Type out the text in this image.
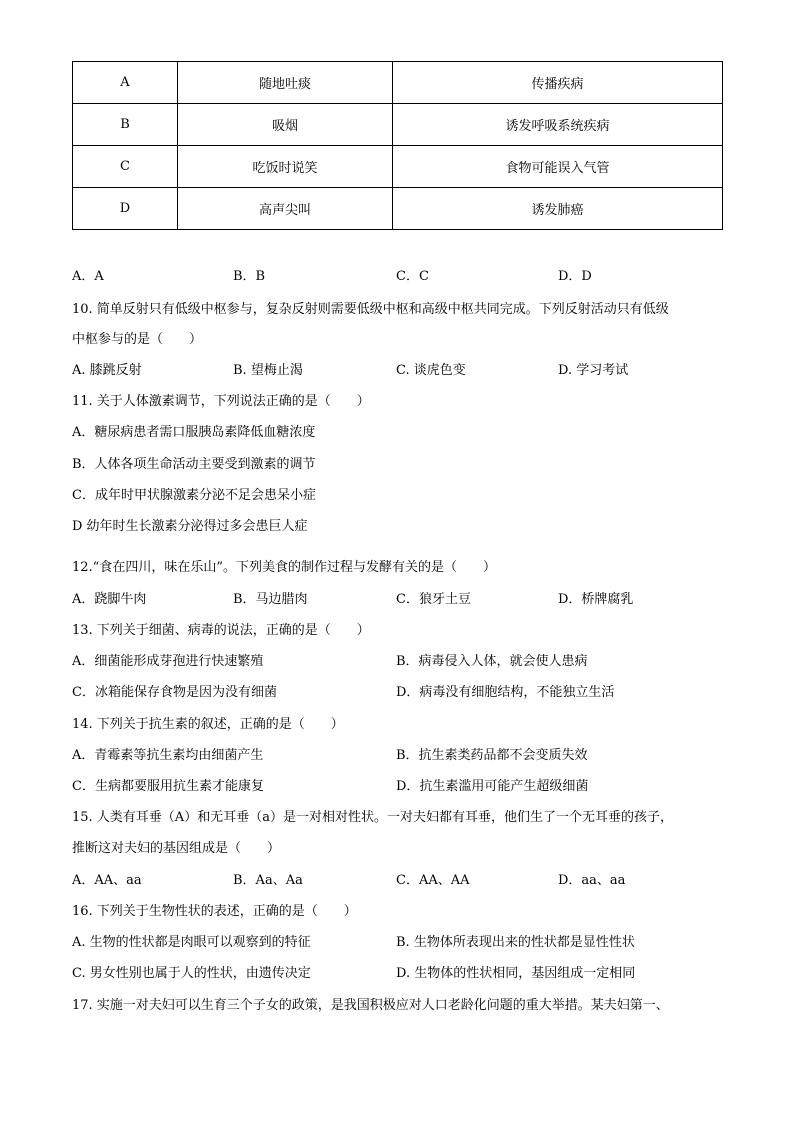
A	随地吐痰	传播疾病
B	吸烟	诱发呼吸系统疾病
C	吃饭时说笑	食物可能误入气管
D	高声尖叫	诱发肺癌
A．A	B．B	C．C	D．D
10. 简单反射只有低级中枢参与，复杂反射则需要低级中枢和高级中枢共同完成。下列反射活动只有低级
中枢参与的是（　　）
A. 膝跳反射	B. 望梅止渴	C. 谈虎色变	D. 学习考试
11. 关于人体激素调节，下列说法正确的是（　　）
A．糖尿病患者需口服胰岛素降低血糖浓度
B．人体各项生命活动主要受到激素的调节
C．成年时甲状腺激素分泌不足会患呆小症
D 幼年时生长激素分泌得过多会患巨人症
12.“食在四川，味在乐山”。下列美食的制作过程与发酵有关的是（　　）
A．跷脚牛肉	B．马边腊肉	C．狼牙土豆	D．桥牌腐乳
13. 下列关于细菌、病毒的说法，正确的是（　　）
A．细菌能形成芽孢进行快速繁殖	B．病毒侵入人体，就会使人患病
C．冰箱能保存食物是因为没有细菌	D．病毒没有细胞结构，不能独立生活
14. 下列关于抗生素的叙述，正确的是（　　）
A．青霉素等抗生素均由细菌产生	B．抗生素类药品都不会变质失效
C．生病都要服用抗生素才能康复	D．抗生素滥用可能产生超级细菌
15. 人类有耳垂（A）和无耳垂（a）是一对相对性状。一对夫妇都有耳垂，他们生了一个无耳垂的孩子，
推断这对夫妇的基因组成是（　　）
A．AA、aa	B．Aa、Aa	C．AA、AA	D．aa、aa
16. 下列关于生物性状的表述，正确的是（　　）
A. 生物的性状都是肉眼可以观察到的特征	B. 生物体所表现出来的性状都是显性性状
C. 男女性别也属于人的性状，由遗传决定	D. 生物体的性状相同，基因组成一定相同
17. 实施一对夫妇可以生育三个子女的政策，是我国积极应对人口老龄化问题的重大举措。某夫妇第一、
